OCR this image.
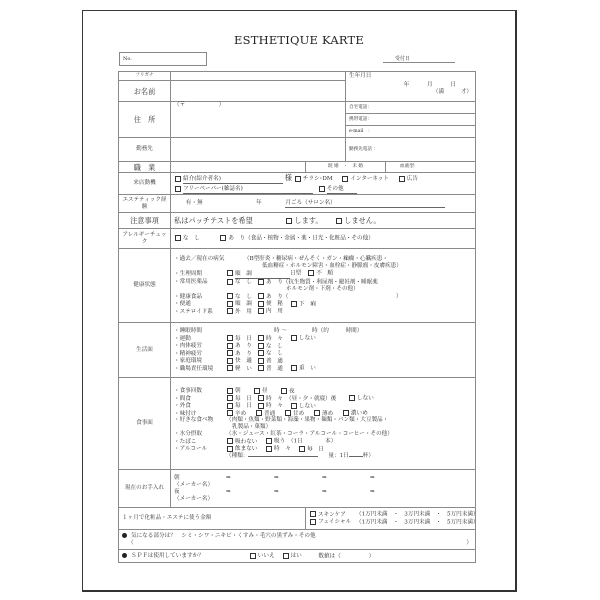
ESTHETIQUE KARTE
No.	受付日
フリガナ			生年月日
年 月 日
（満　　　才）	

お名前				
住　所	（〒　　　　　　）		自宅電話：	
			携帯電話：	
			e-mail　：	
勤務先			勤務先電話 ：	
職　業		既 婚　・　未 婚		血液型：
来店動機	紹介(紹介者名) 様 チラシ･DM インターネット 広告
フリーペーパー(雑誌名) その他			

エステティック経験	有・無 年 月ごろ（サロン名）			
注意事項	私はパッチテストを希望 します。 しません。			
アレルギーチェック	な　し あ　り（食品・植物・金属・薬・日光・化粧品・その他）			
健康状態	
・過去／現在の病気	（B型肝炎・糖尿病・ぜんそく・ガン・癲癇・心臓疾患・
低血糖症・ホルモン障害・血栓症・静脈瘤・皮膚疾患）
・生理周期	順　調	日型	不　順
・常用医薬品	な　し	あ　り（抗生物質・利尿剤・避妊剤・睡眠薬
ホルモン剤・下剤・その他）
・健康食品	な　し	あ　り（	）
・便通	順　調	便　秘	下　痢
・ステロイド系	外　用	内　用

生活面	
・睡眠時間	時 ～	時（約　　　時間）
・運動	毎　日	時　々	しない
・肉体疲労	あ　り	な　し
・精神疲労	あ　り	な　し
・家庭環境	快　適	普　通
・職場責任環境	軽　い	普　通	重　い

食事面	
・食事回数	朝	昼	夜
・間食	毎　日	時　々 （昼・夕・就寝）後	しない
・外食	毎　日	時　々	しない
・味付け	辛め	普通	甘め	薄め	濃いめ
・好きな食べ物 （肉類・魚類・野菜類・海藻・果物・麺類・パン類・大豆製品・
乳製品・菓類）
・水分摂取	（水・ジュース・紅茶・コーラ・アルコール・コーヒー・その他）
・たばこ	吸わない	吸う　（1日　　　　本）
・アルコール	飲まない	時　々	毎　日
（種類：	量：1日	杯）

現在のお手入れ	朝 ⇒ ⇒ ⇒ ⇒
（メーカー名）
夜 ⇒ ⇒ ⇒ ⇒
（メーカー名）			

１ヶ月で化粧品・エステに使う金額		スキンケア （1万円未満　・　3万円未満　・　5万円未満）
フェイシャル （1万円未満　・　3万円未満　・　5万円未満）		

気になる部分は？　シミ・シワ・ニキビ・くすみ・毛穴の黒ずみ・その他
（ ）				

ＳＰＦは使用していますか？ いいえ はい 数値は（　　　　　）				
